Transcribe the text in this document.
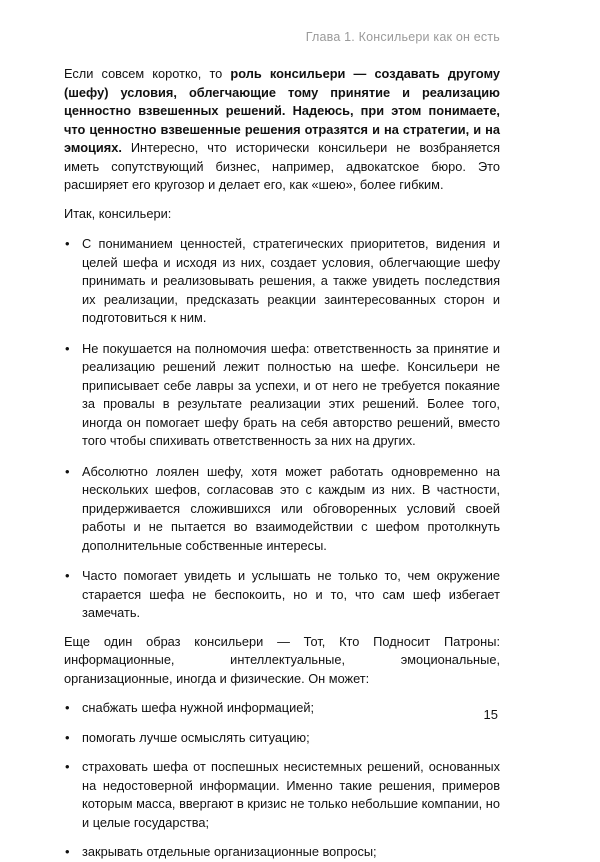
Глава 1. Консильери как он есть

Если совсем коротко, то роль консильери — создавать другому (шефу) условия, облегчающие тому принятие и реализацию ценностно взвешенных решений. Надеюсь, при этом понимаете, что ценностно взвешенные решения отразятся и на стратегии, и на эмоциях. Интересно, что исторически консильери не возбраняется иметь сопутствующий бизнес, например, адвокатское бюро. Это расширяет его кругозор и делает его, как «шею», более гибким.

Итак, консильери:

• С пониманием ценностей, стратегических приоритетов, видения и целей шефа и исходя из них, создает условия, облегчающие шефу принимать и реализовывать решения, а также увидеть последствия их реализации, предсказать реакции заинтересованных сторон и подготовиться к ним.
• Не покушается на полномочия шефа: ответственность за принятие и реализацию решений лежит полностью на шефе. Консильери не приписывает себе лавры за успехи, и от него не требуется покаяние за провалы в результате реализации этих решений. Более того, иногда он помогает шефу брать на себя авторство решений, вместо того чтобы спихивать ответственность за них на других.
• Абсолютно лоялен шефу, хотя может работать одновременно на нескольких шефов, согласовав это с каждым из них. В частности, придерживается сложившихся или обговоренных условий своей работы и не пытается во взаимодействии с шефом протолкнуть дополнительные собственные интересы.
• Часто помогает увидеть и услышать не только то, чем окружение старается шефа не беспокоить, но и то, что сам шеф избегает замечать.

Еще один образ консильери — Тот, Кто Подносит Патроны: информационные, интеллектуальные, эмоциональные, организационные, иногда и физические. Он может:

• снабжать шефа нужной информацией;
• помогать лучше осмыслять ситуацию;
• страховать шефа от поспешных несистемных решений, основанных на недостоверной информации. Именно такие решения, примеров которым масса, ввергают в кризис не только небольшие компании, но и целые государства;
• закрывать отдельные организационные вопросы;
15
